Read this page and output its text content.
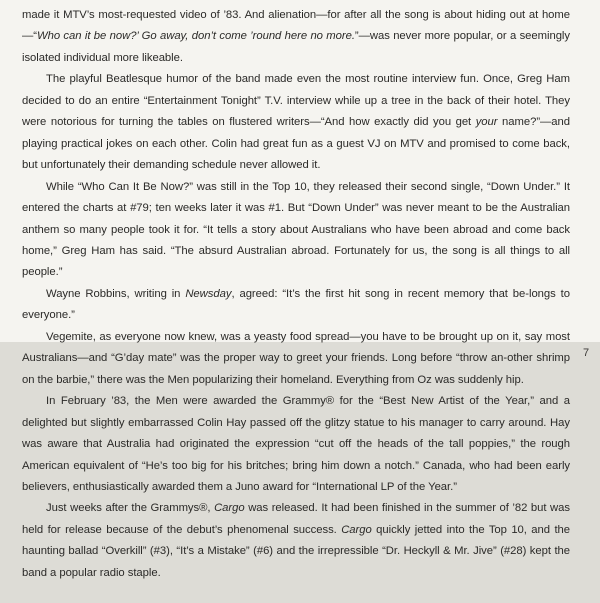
made it MTV’s most-requested video of ’83. And alienation—for after all the song is about hiding out at home—“Who can it be now?’ Go away, don’t come ’round here no more.”—was never more popular, or a seemingly isolated individual more likeable.

The playful Beatlesque humor of the band made even the most routine interview fun. Once, Greg Ham decided to do an entire “Entertainment Tonight” T.V. interview while up a tree in the back of their hotel. They were notorious for turning the tables on flustered writers—“And how exactly did you get your name?”—and playing practical jokes on each other. Colin had great fun as a guest VJ on MTV and promised to come back, but unfortunately their demanding schedule never allowed it.

While “Who Can It Be Now?” was still in the Top 10, they released their second single, “Down Under.” It entered the charts at #79; ten weeks later it was #1. But “Down Under” was never meant to be the Australian anthem so many people took it for. “It tells a story about Australians who have been abroad and come back home,” Greg Ham has said. “The absurd Australian abroad. Fortunately for us, the song is all things to all people.”

Wayne Robbins, writing in Newsday, agreed: “It’s the first hit song in recent memory that be-longs to everyone.”

Vegemite, as everyone now knew, was a yeasty food spread—you have to be brought up on it, say most Australians—and “G’day mate” was the proper way to greet your friends. Long before “throw an-other shrimp on the barbie,” there was the Men popularizing their homeland. Everything from Oz was suddenly hip.

In February ’83, the Men were awarded the Grammy® for the “Best New Artist of the Year,” and a delighted but slightly embarrassed Colin Hay passed off the glitzy statue to his manager to carry around. Hay was aware that Australia had originated the expression “cut off the heads of the tall poppies,” the rough American equivalent of “He’s too big for his britches; bring him down a notch.” Canada, who had been early believers, enthusiastically awarded them a Juno award for “International LP of the Year.”

Just weeks after the Grammys®, Cargo was released. It had been finished in the summer of ’82 but was held for release because of the debut’s phenomenal success. Cargo quickly jetted into the Top 10, and the haunting ballad “Overkill” (#3), “It’s a Mistake” (#6) and the irrepressible “Dr. Heckyll & Mr. Jive” (#28) kept the band a popular radio staple.

7
